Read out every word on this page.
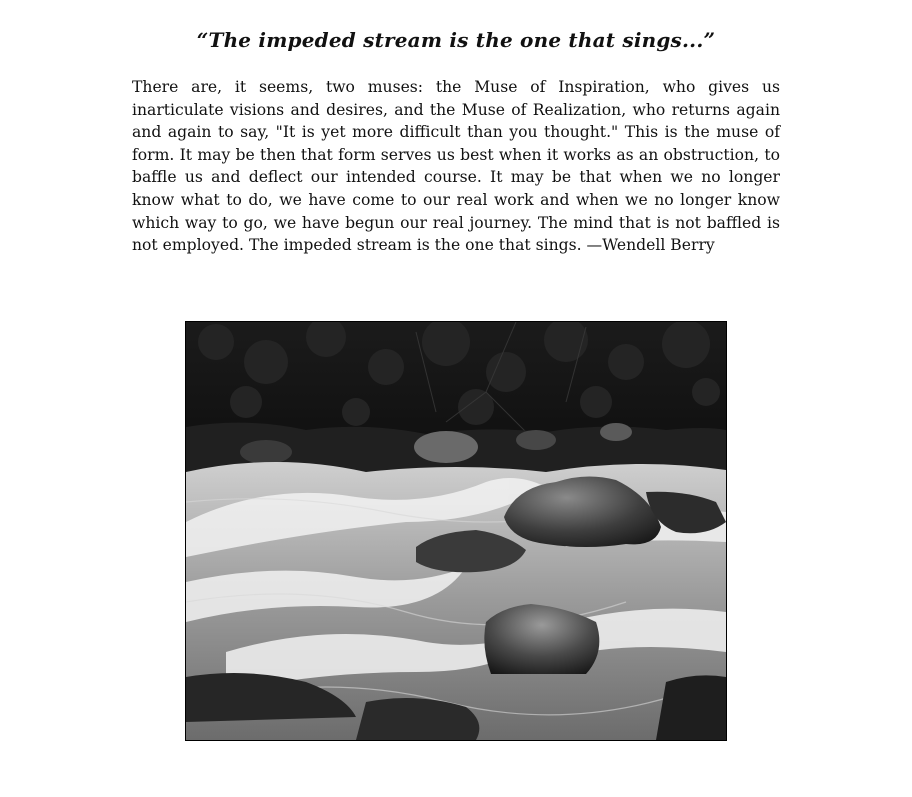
“The impeded stream is the one that sings...”

There are, it seems, two muses: the Muse of Inspiration, who gives us inarticulate visions and desires, and the Muse of Realization, who returns again and again to say, "It is yet more difficult than you thought." This is the muse of form. It may be then that form serves us best when it works as an obstruction, to baffle us and deflect our intended course. It may be that when we no longer know what to do, we have come to our real work and when we no longer know which way to go, we have begun our real journey. The mind that is not baffled is not employed. The impeded stream is the one that sings. —Wendell Berry
